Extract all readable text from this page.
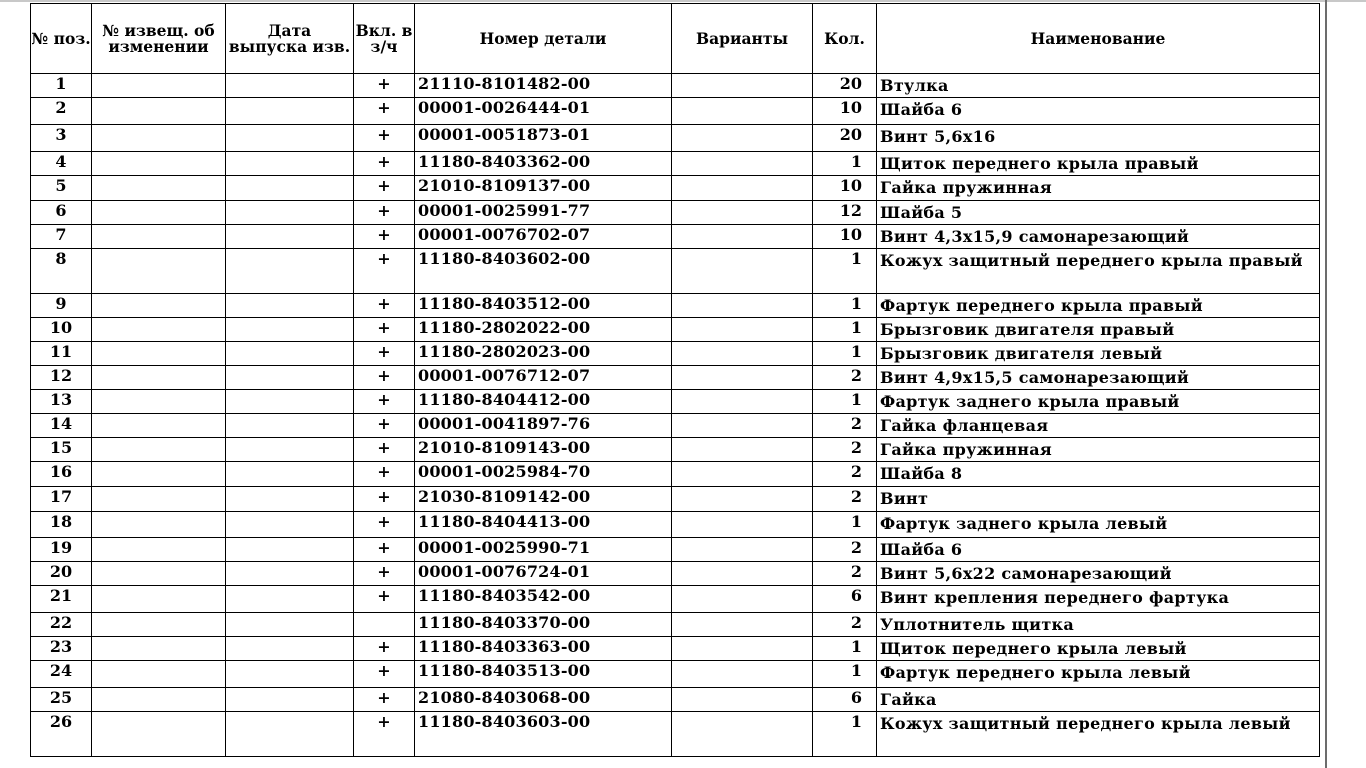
№ поз.	№ извещ. об изменении	Дата выпуска изв.	Вкл. в з/ч	Номер детали	Варианты	Кол.	Наименование
1			+	21110-8101482-00		20	Втулка
2			+	00001-0026444-01		10	Шайба 6
3			+	00001-0051873-01		20	Винт 5,6х16
4			+	11180-8403362-00		1	Щиток переднего крыла правый
5			+	21010-8109137-00		10	Гайка пружинная
6			+	00001-0025991-77		12	Шайба 5
7			+	00001-0076702-07		10	Винт 4,3х15,9 самонарезающий
8			+	11180-8403602-00		1	Кожух защитный переднего крыла правый
9			+	11180-8403512-00		1	Фартук переднего крыла правый
10			+	11180-2802022-00		1	Брызговик двигателя правый
11			+	11180-2802023-00		1	Брызговик двигателя левый
12			+	00001-0076712-07		2	Винт 4,9х15,5 самонарезающий
13			+	11180-8404412-00		1	Фартук заднего крыла правый
14			+	00001-0041897-76		2	Гайка фланцевая
15			+	21010-8109143-00		2	Гайка пружинная
16			+	00001-0025984-70		2	Шайба 8
17			+	21030-8109142-00		2	Винт
18			+	11180-8404413-00		1	Фартук заднего крыла левый
19			+	00001-0025990-71		2	Шайба 6
20			+	00001-0076724-01		2	Винт 5,6х22 самонарезающий
21			+	11180-8403542-00		6	Винт крепления переднего фартука
22				11180-8403370-00		2	Уплотнитель щитка
23			+	11180-8403363-00		1	Щиток переднего крыла левый
24			+	11180-8403513-00		1	Фартук переднего крыла левый
25			+	21080-8403068-00		6	Гайка
26			+	11180-8403603-00		1	Кожух защитный переднего крыла левый
